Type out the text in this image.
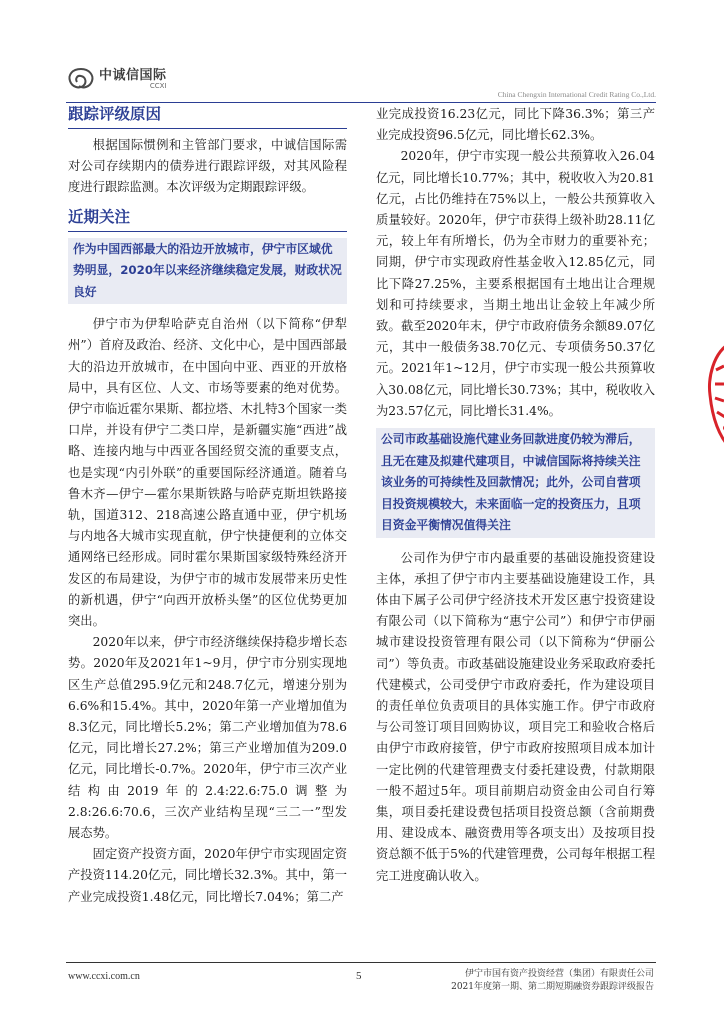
中诚信国际
CCXI
China Chengxin International Credit Rating Co.,Ltd.
跟踪评级原因

根据国际惯例和主管部门要求，中诚信国际需对公司存续期内的债券进行跟踪评级，对其风险程度进行跟踪监测。本次评级为定期跟踪评级。

近期关注
作为中国西部最大的沿边开放城市，伊宁市区域优势明显，2020年以来经济继续稳定发展，财政状况良好

伊宁市为伊犁哈萨克自治州（以下简称“伊犁州”）首府及政治、经济、文化中心，是中国西部最大的沿边开放城市，在中国向中亚、西亚的开放格局中，具有区位、人文、市场等要素的绝对优势。伊宁市临近霍尔果斯、都拉塔、木扎特3个国家一类口岸，并设有伊宁二类口岸，是新疆实施“西进”战略、连接内地与中西亚各国经贸交流的重要支点，也是实现“内引外联”的重要国际经济通道。随着乌鲁木齐—伊宁—霍尔果斯铁路与哈萨克斯坦铁路接轨，国道312、218高速公路直通中亚，伊宁机场与内地各大城市实现直航，伊宁快捷便利的立体交通网络已经形成。同时霍尔果斯国家级特殊经济开发区的布局建设，为伊宁市的城市发展带来历史性的新机遇，伊宁“向西开放桥头堡”的区位优势更加突出。

2020年以来，伊宁市经济继续保持稳步增长态势。2020年及2021年1~9月，伊宁市分别实现地区生产总值295.9亿元和248.7亿元，增速分别为6.6%和15.4%。其中，2020年第一产业增加值为8.3亿元，同比增长5.2%；第二产业增加值为78.6亿元，同比增长27.2%；第三产业增加值为209.0亿元，同比增长-0.7%。2020年，伊宁市三次产业结构由2019年的2.4:22.6:75.0调整为2.8:26.6:70.6，三次产业结构呈现“三二一”型发展态势。

固定资产投资方面，2020年伊宁市实现固定资产投资114.20亿元，同比增长32.3%。其中，第一产业完成投资1.48亿元，同比增长7.04%；第二产

业完成投资16.23亿元，同比下降36.3%；第三产业完成投资96.5亿元，同比增长62.3%。

2020年，伊宁市实现一般公共预算收入26.04亿元，同比增长10.77%；其中，税收收入为20.81亿元，占比仍维持在75%以上，一般公共预算收入质量较好。2020年，伊宁市获得上级补助28.11亿元，较上年有所增长，仍为全市财力的重要补充；同期，伊宁市实现政府性基金收入12.85亿元，同比下降27.25%，主要系根据国有土地出让合理规划和可持续要求，当期土地出让金较上年减少所致。截至2020年末，伊宁市政府债务余额89.07亿元，其中一般债务38.70亿元、专项债务50.37亿元。2021年1~12月，伊宁市实现一般公共预算收入30.08亿元，同比增长30.73%；其中，税收收入为23.57亿元，同比增长31.4%。

公司市政基础设施代建业务回款进度仍较为滞后，且无在建及拟建代建项目，中诚信国际将持续关注该业务的可持续性及回款情况；此外，公司自营项目投资规模较大，未来面临一定的投资压力，且项目资金平衡情况值得关注

公司作为伊宁市内最重要的基础设施投资建设主体，承担了伊宁市内主要基础设施建设工作，具体由下属子公司伊宁经济技术开发区惠宁投资建设有限公司（以下简称为“惠宁公司”）和伊宁市伊丽城市建设投资管理有限公司（以下简称为“伊丽公司”）等负责。市政基础设施建设业务采取政府委托代建模式，公司受伊宁市政府委托，作为建设项目的责任单位负责项目的具体实施工作。伊宁市政府与公司签订项目回购协议，项目完工和验收合格后由伊宁市政府接管，伊宁市政府按照项目成本加计一定比例的代建管理费支付委托建设费，付款期限一般不超过5年。项目前期启动资金由公司自行筹集，项目委托建设费包括项目投资总额（含前期费用、建设成本、融资费用等各项支出）及按项目投资总额不低于5%的代建管理费，公司每年根据工程完工进度确认收入。

www.ccxi.com.cn	5	伊宁市国有资产投资经营（集团）有限责任公司
2021年度第一期、第二期短期融资券跟踪评级报告
